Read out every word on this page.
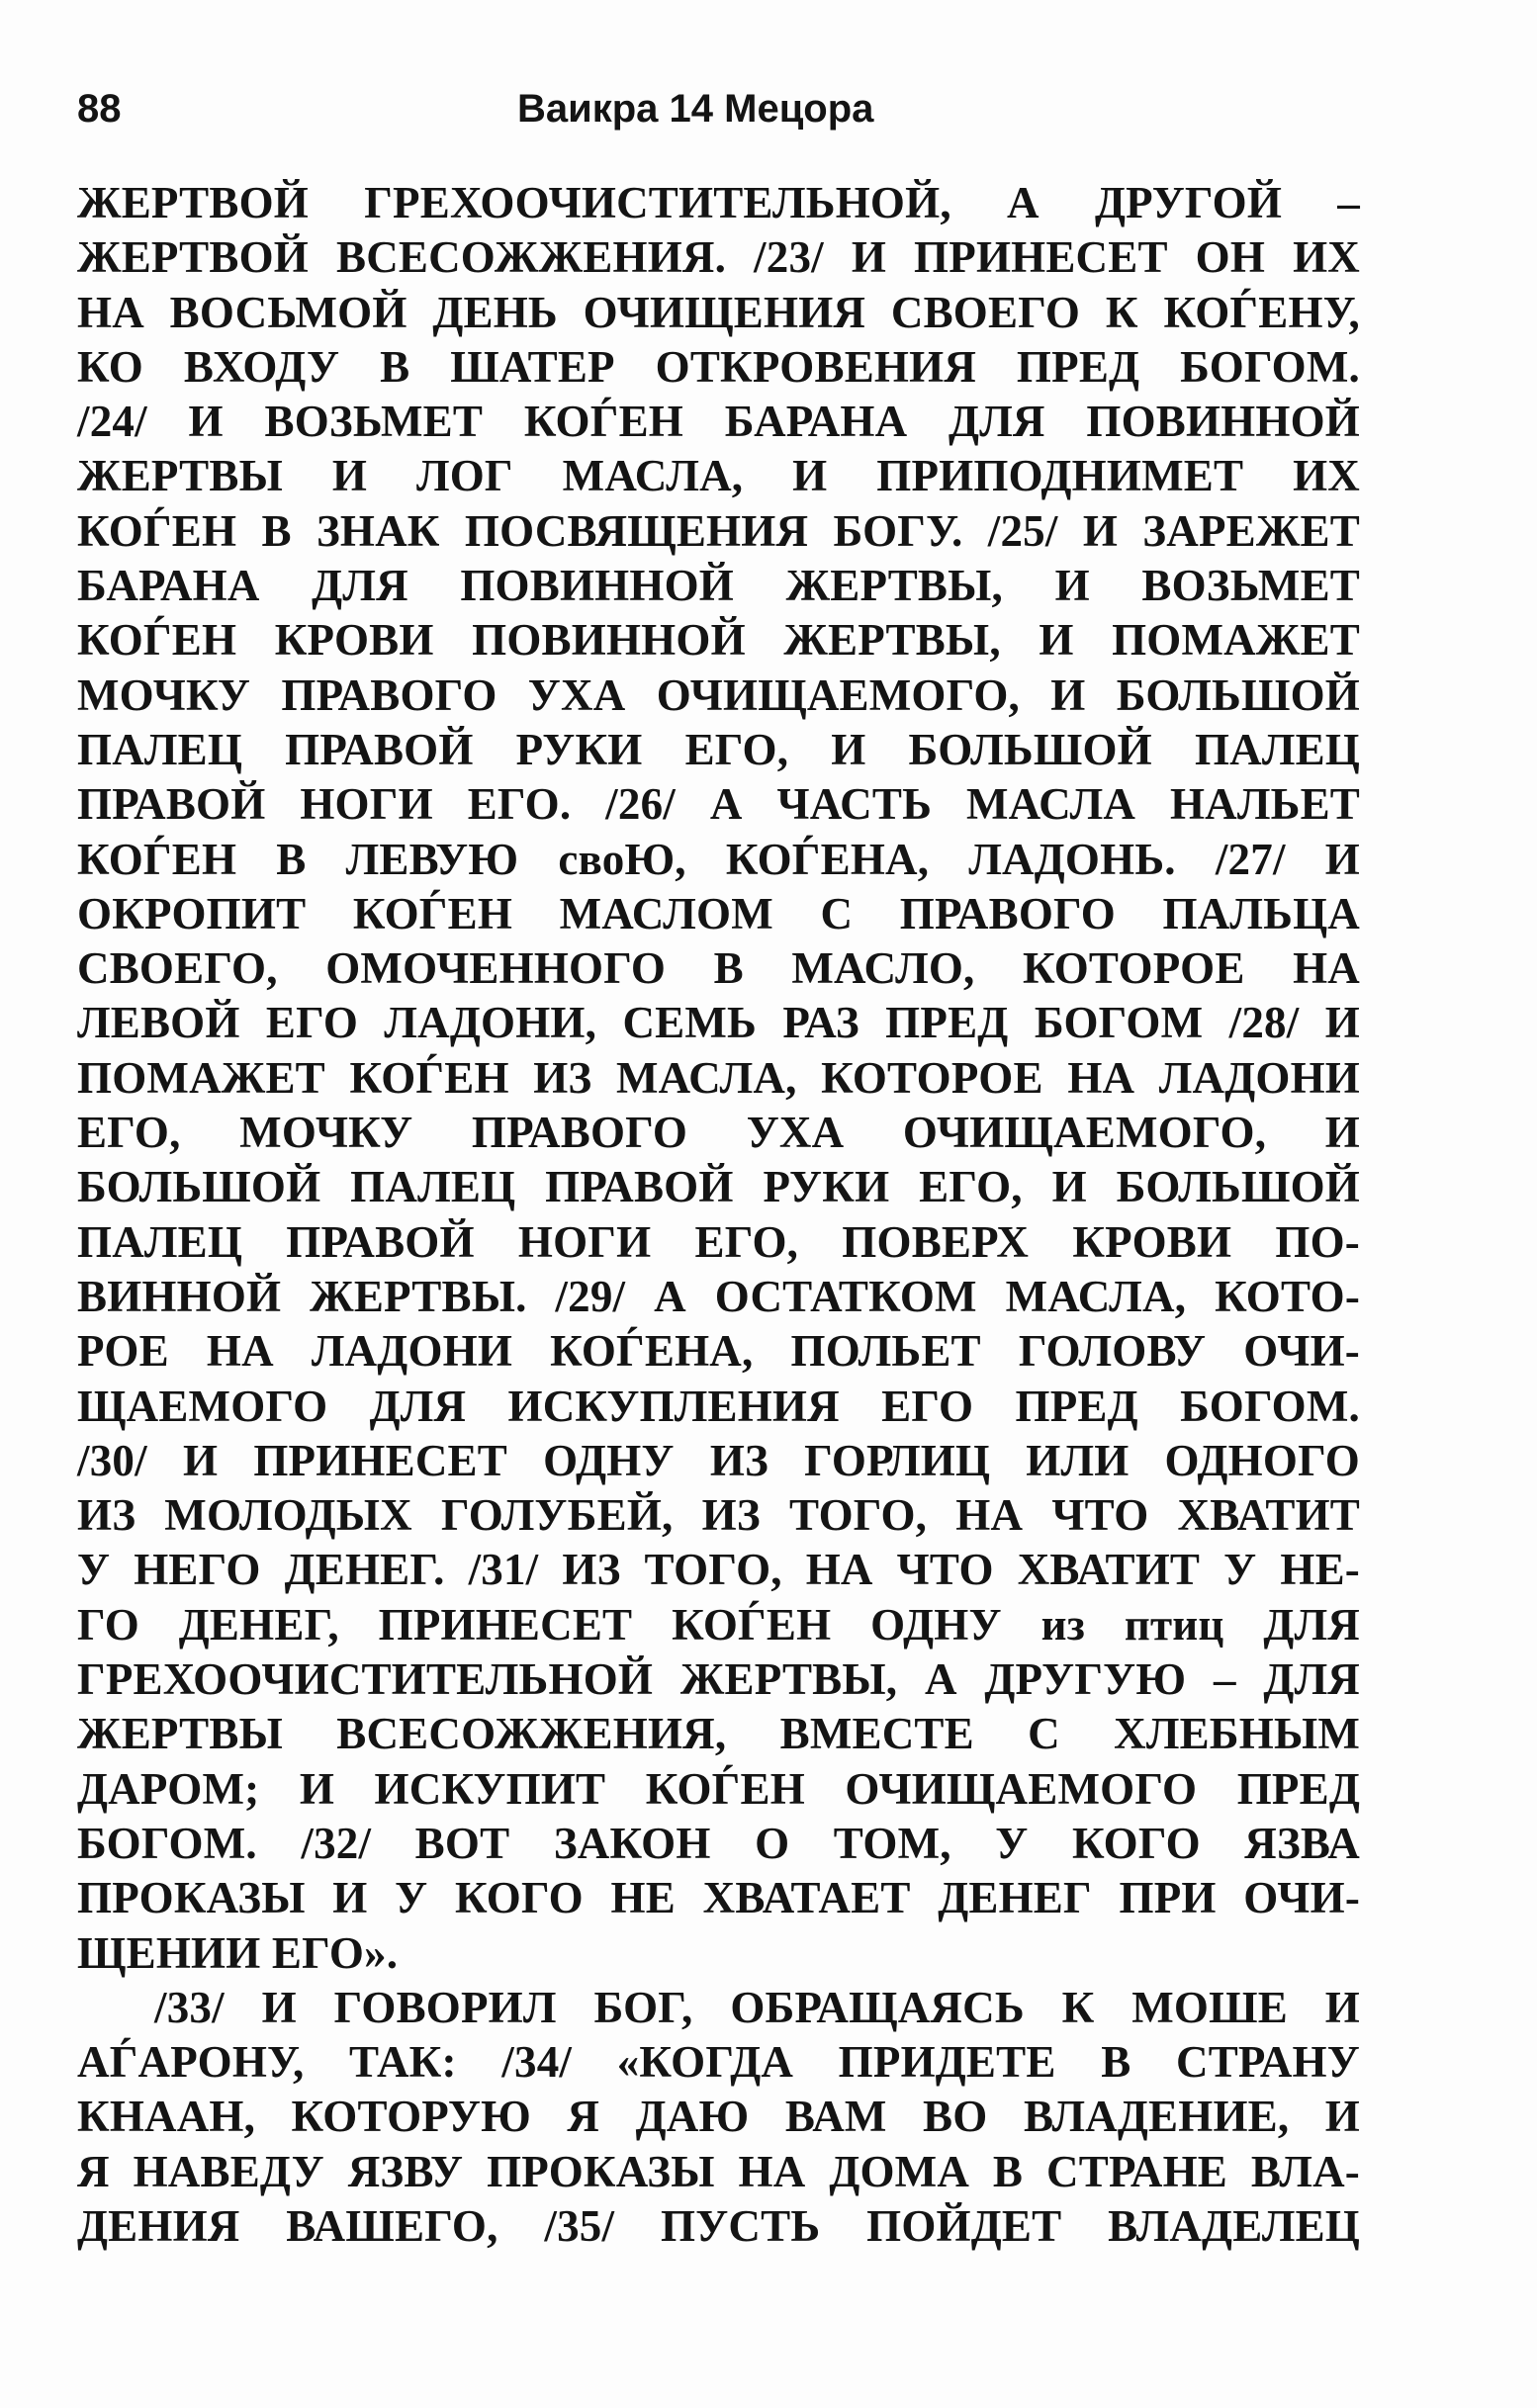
88	Ваикра 14 Мецора

ЖЕРТВОЙ ГРЕХООЧИСТИТЕЛЬНОЙ, А ДРУГОЙ –

ЖЕРТВОЙ ВСЕСОЖЖЕНИЯ. /23/ И ПРИНЕСЕТ ОН ИХ

НА ВОСЬМОЙ ДЕНЬ ОЧИЩЕНИЯ СВОЕГО К КОЃЕНУ,

КО ВХОДУ В ШАТЕР ОТКРОВЕНИЯ ПРЕД БОГОМ.

/24/ И ВОЗЬМЕТ КОЃЕН БАРАНА ДЛЯ ПОВИННОЙ

ЖЕРТВЫ И ЛОГ МАСЛА, И ПРИПОДНИМЕТ ИХ

КОЃЕН В ЗНАК ПОСВЯЩЕНИЯ БОГУ. /25/ И ЗАРЕЖЕТ

БАРАНА ДЛЯ ПОВИННОЙ ЖЕРТВЫ, И ВОЗЬМЕТ

КОЃЕН КРОВИ ПОВИННОЙ ЖЕРТВЫ, И ПОМАЖЕТ

МОЧКУ ПРАВОГО УХА ОЧИЩАЕМОГО, И БОЛЬШОЙ

ПАЛЕЦ ПРАВОЙ РУКИ ЕГО, И БОЛЬШОЙ ПАЛЕЦ

ПРАВОЙ НОГИ ЕГО. /26/ А ЧАСТЬ МАСЛА НАЛЬЕТ

КОЃЕН В ЛЕВУЮ своЮ, КОЃЕНА, ЛАДОНЬ. /27/ И

ОКРОПИТ КОЃЕН МАСЛОМ С ПРАВОГО ПАЛЬЦА

СВОЕГО, ОМОЧЕННОГО В МАСЛО, КОТОРОЕ НА

ЛЕВОЙ ЕГО ЛАДОНИ, СЕМЬ РАЗ ПРЕД БОГОМ /28/ И

ПОМАЖЕТ КОЃЕН ИЗ МАСЛА, КОТОРОЕ НА ЛАДОНИ

ЕГО, МОЧКУ ПРАВОГО УХА ОЧИЩАЕМОГО, И

БОЛЬШОЙ ПАЛЕЦ ПРАВОЙ РУКИ ЕГО, И БОЛЬШОЙ

ПАЛЕЦ ПРАВОЙ НОГИ ЕГО, ПОВЕРХ КРОВИ ПО-

ВИННОЙ ЖЕРТВЫ. /29/ А ОСТАТКОМ МАСЛА, КОТО-

РОЕ НА ЛАДОНИ КОЃЕНА, ПОЛЬЕТ ГОЛОВУ ОЧИ-

ЩАЕМОГО ДЛЯ ИСКУПЛЕНИЯ ЕГО ПРЕД БОГОМ.

/30/ И ПРИНЕСЕТ ОДНУ ИЗ ГОРЛИЦ ИЛИ ОДНОГО

ИЗ МОЛОДЫХ ГОЛУБЕЙ, ИЗ ТОГО, НА ЧТО ХВАТИТ

У НЕГО ДЕНЕГ. /31/ ИЗ ТОГО, НА ЧТО ХВАТИТ У НЕ-

ГО ДЕНЕГ, ПРИНЕСЕТ КОЃЕН ОДНУ из птиц ДЛЯ

ГРЕХООЧИСТИТЕЛЬНОЙ ЖЕРТВЫ, А ДРУГУЮ – ДЛЯ

ЖЕРТВЫ ВСЕСОЖЖЕНИЯ, ВМЕСТЕ С ХЛЕБНЫМ

ДАРОМ; И ИСКУПИТ КОЃЕН ОЧИЩАЕМОГО ПРЕД

БОГОМ. /32/ ВОТ ЗАКОН О ТОМ, У КОГО ЯЗВА

ПРОКАЗЫ И У КОГО НЕ ХВАТАЕТ ДЕНЕГ ПРИ ОЧИ-

ЩЕНИИ ЕГО».

/33/ И ГОВОРИЛ БОГ, ОБРАЩАЯСЬ К МОШЕ И

АЃАРОНУ, ТАК: /34/ «КОГДА ПРИДЕТЕ В СТРАНУ

КНААН, КОТОРУЮ Я ДАЮ ВАМ ВО ВЛАДЕНИЕ, И

Я НАВЕДУ ЯЗВУ ПРОКАЗЫ НА ДОМА В СТРАНЕ ВЛА-

ДЕНИЯ ВАШЕГО, /35/ ПУСТЬ ПОЙДЕТ ВЛАДЕЛЕЦ
